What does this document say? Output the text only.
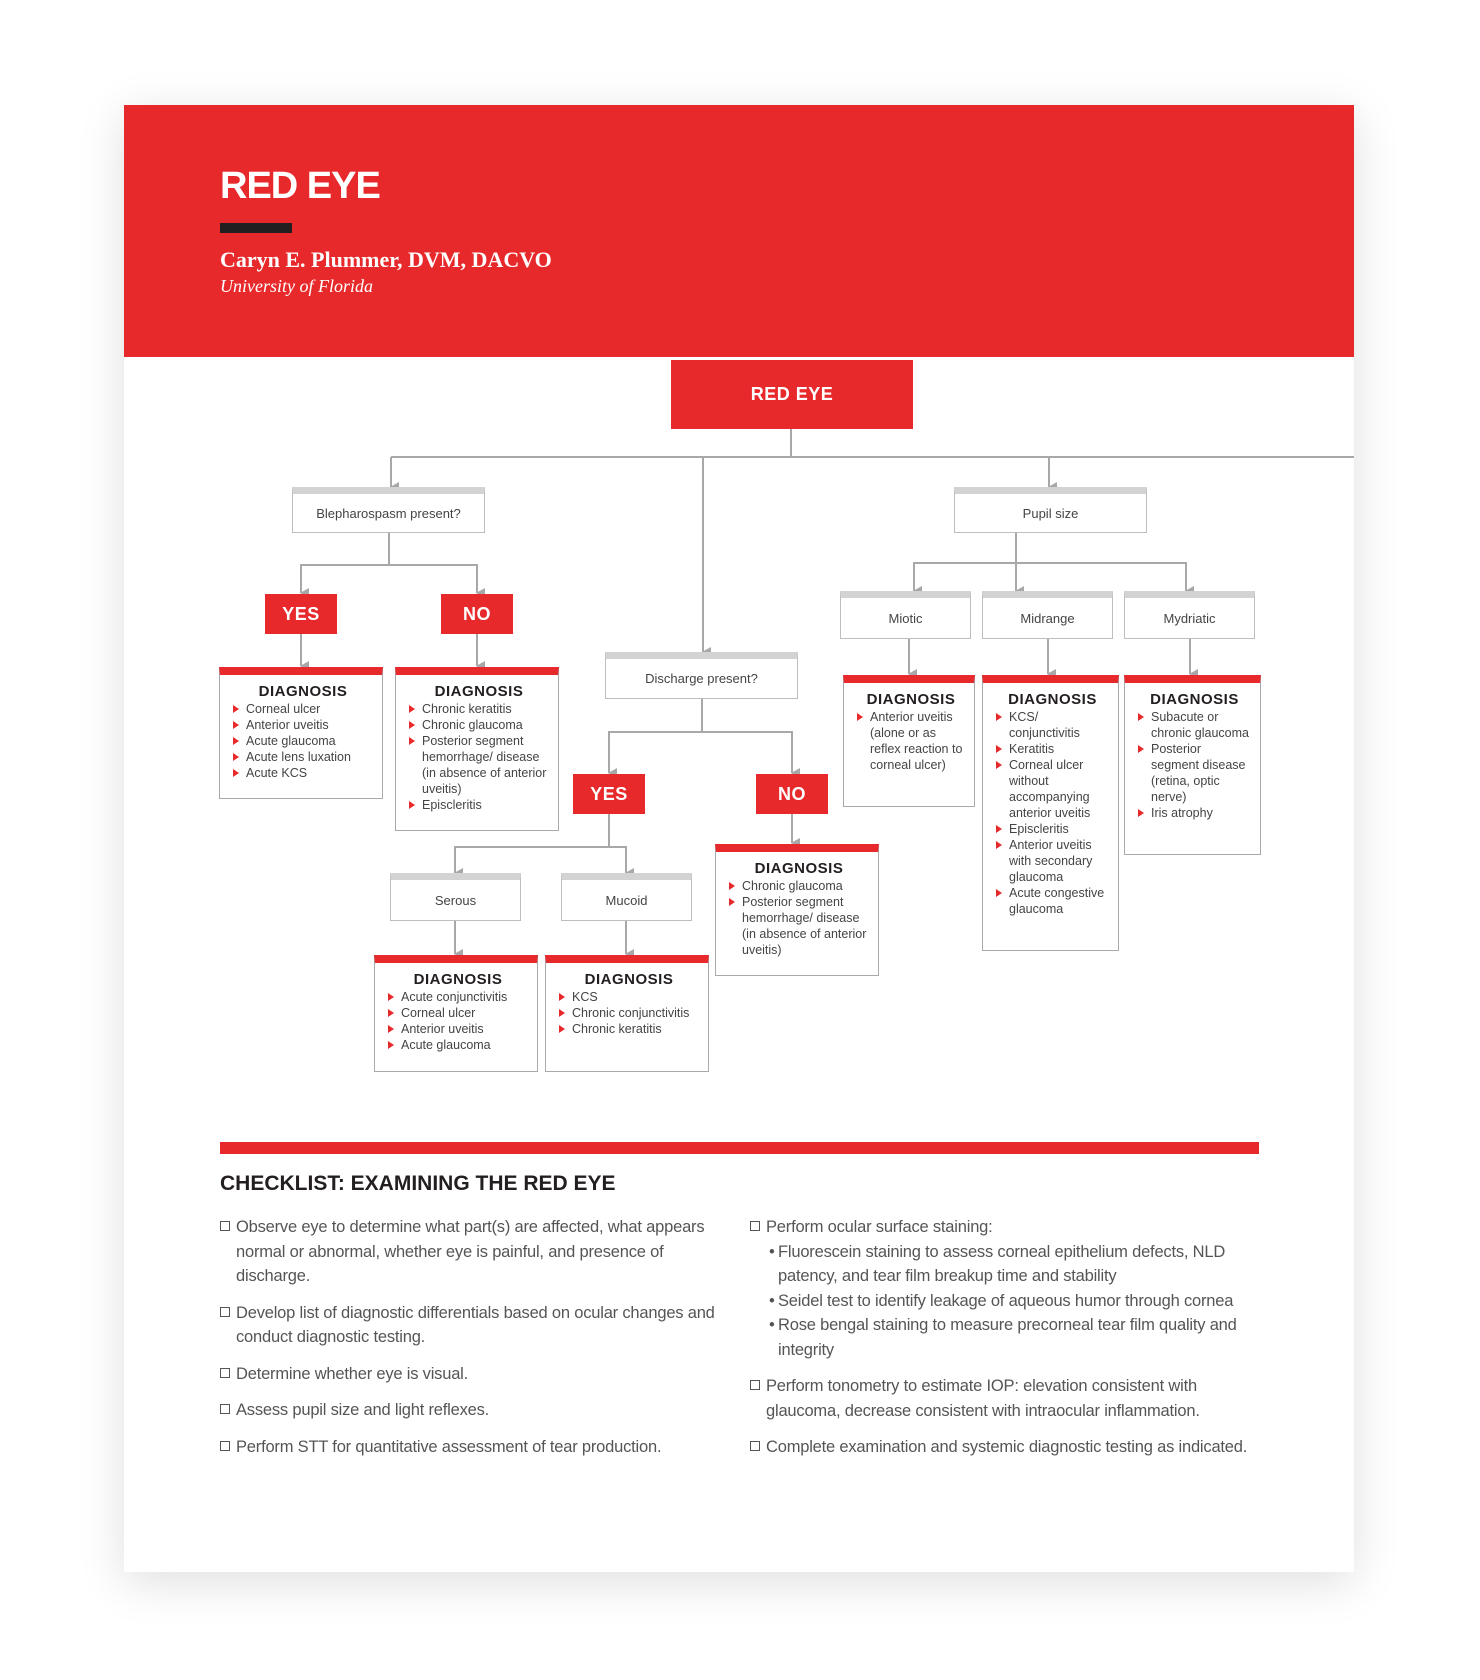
RED EYE
Caryn E. Plummer, DVM, DACVO
University of Florida
RED EYE
Blepharospasm present?
Discharge present?
Pupil size
YES	NO
YES	NO
Serous	Mucoid
Miotic	Midrange	Mydriatic
DIAGNOSIS
Corneal ulcer
Anterior uveitis
Acute glaucoma
Acute lens luxation
Acute KCS
DIAGNOSIS
Chronic keratitis
Chronic glaucoma
Posterior segment hemorrhage/ disease (in absence of anterior uveitis)
Episcleritis
DIAGNOSIS
Chronic glaucoma
Posterior segment hemorrhage/ disease (in absence of anterior uveitis)
DIAGNOSIS
Acute conjunctivitis
Corneal ulcer
Anterior uveitis
Acute glaucoma
DIAGNOSIS
KCS
Chronic conjunctivitis
Chronic keratitis
DIAGNOSIS
Anterior uveitis (alone or as reflex reaction to corneal ulcer)
DIAGNOSIS
KCS/ conjunctivitis
Keratitis
Corneal ulcer without accompanying anterior uveitis
Episcleritis
Anterior uveitis with secondary glaucoma
Acute congestive glaucoma
DIAGNOSIS
Subacute or chronic glaucoma
Posterior segment disease (retina, optic nerve)
Iris atrophy
CHECKLIST: EXAMINING THE RED EYE
Observe eye to determine what part(s) are affected, what appears normal or abnormal, whether eye is painful, and presence of discharge.
Develop list of diagnostic differentials based on ocular changes and conduct diagnostic testing.
Determine whether eye is visual.
Assess pupil size and light reflexes.
Perform STT for quantitative assessment of tear production.
Perform ocular surface staining:
• Fluorescein staining to assess corneal epithelium defects, NLD patency, and tear film breakup time and stability
• Seidel test to identify leakage of aqueous humor through cornea
• Rose bengal staining to measure precorneal tear film quality and integrity
Perform tonometry to estimate IOP: elevation consistent with glaucoma, decrease consistent with intraocular inflammation.
Complete examination and systemic diagnostic testing as indicated.
